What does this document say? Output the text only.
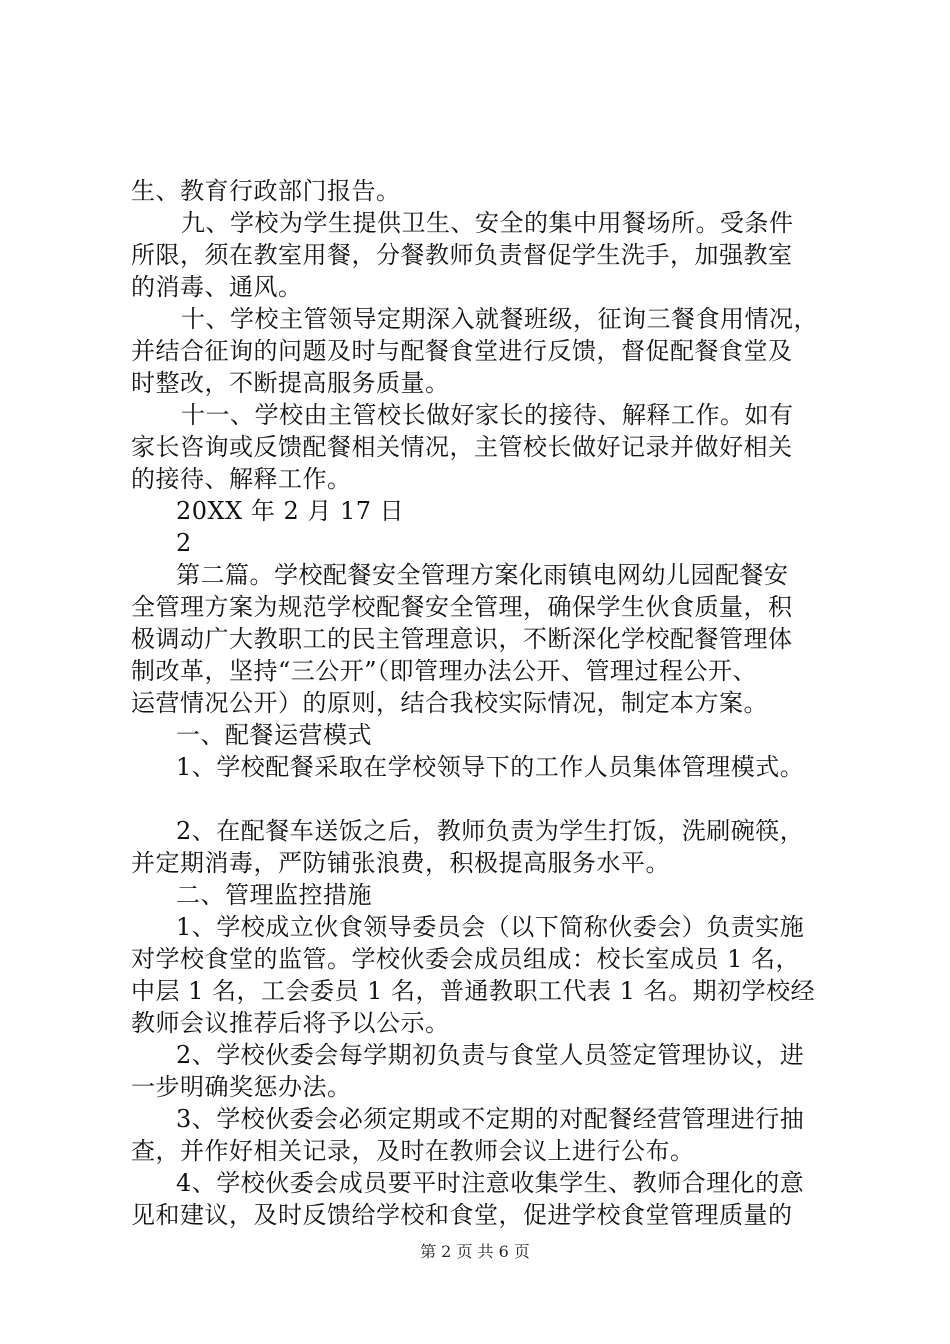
生、教育行政部门报告。
九、学校为学生提供卫生、安全的集中用餐场所。受条件
所限，须在教室用餐，分餐教师负责督促学生洗手，加强教室
的消毒、通风。
十、学校主管领导定期深入就餐班级，征询三餐食用情况，
并结合征询的问题及时与配餐食堂进行反馈，督促配餐食堂及
时整改，不断提高服务质量。
十一、学校由主管校长做好家长的接待、解释工作。如有
家长咨询或反馈配餐相关情况，主管校长做好记录并做好相关
的接待、解释工作。
20XX 年 2 月 17 日
2
第二篇。学校配餐安全管理方案化雨镇电网幼儿园配餐安
全管理方案为规范学校配餐安全管理，确保学生伙食质量，积
极调动广大教职工的民主管理意识，不断深化学校配餐管理体
制改革，坚持“三公开”（即管理办法公开、管理过程公开、
运营情况公开）的原则，结合我校实际情况，制定本方案。
一、配餐运营模式
1、学校配餐采取在学校领导下的工作人员集体管理模式。
2、在配餐车送饭之后，教师负责为学生打饭，洗刷碗筷，
并定期消毒，严防铺张浪费，积极提高服务水平。
二、管理监控措施
1、学校成立伙食领导委员会（以下简称伙委会）负责实施
对学校食堂的监管。学校伙委会成员组成：校长室成员 1 名，
中层 1 名，工会委员 1 名，普通教职工代表 1 名。期初学校经
教师会议推荐后将予以公示。
2、学校伙委会每学期初负责与食堂人员签定管理协议，进
一步明确奖惩办法。
3、学校伙委会必须定期或不定期的对配餐经营管理进行抽
查，并作好相关记录，及时在教师会议上进行公布。
4、学校伙委会成员要平时注意收集学生、教师合理化的意
见和建议，及时反馈给学校和食堂，促进学校食堂管理质量的
第 2 页 共 6 页
